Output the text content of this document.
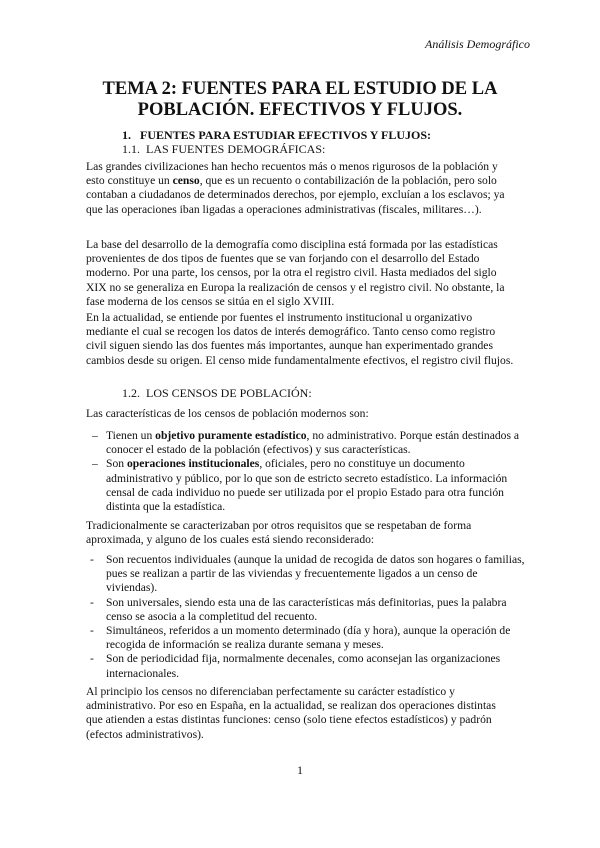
Análisis Demográfico
TEMA 2: FUENTES PARA EL ESTUDIO DE LA
POBLACIÓN. EFECTIVOS Y FLUJOS.
1. FUENTES PARA ESTUDIAR EFECTIVOS Y FLUJOS:
1.1. LAS FUENTES DEMOGRÁFICAS:

Las grandes civilizaciones han hecho recuentos más o menos rigurosos de la población y esto constituye un censo, que es un recuento o contabilización de la población, pero solo contaban a ciudadanos de determinados derechos, por ejemplo, excluían a los esclavos; ya que las operaciones iban ligadas a operaciones administrativas (fiscales, militares…).

La base del desarrollo de la demografía como disciplina está formada por las estadísticas provenientes de dos tipos de fuentes que se van forjando con el desarrollo del Estado moderno. Por una parte, los censos, por la otra el registro civil. Hasta mediados del siglo XIX no se generaliza en Europa la realización de censos y el registro civil. No obstante, la fase moderna de los censos se sitúa en el siglo XVIII.

En la actualidad, se entiende por fuentes el instrumento institucional u organizativo mediante el cual se recogen los datos de interés demográfico. Tanto censo como registro civil siguen siendo las dos fuentes más importantes, aunque han experimentado grandes cambios desde su origen. El censo mide fundamentalmente efectivos, el registro civil flujos.

1.2. LOS CENSOS DE POBLACIÓN:

Las características de los censos de población modernos son:

– Tienen un objetivo puramente estadístico, no administrativo. Porque están destinados a conocer el estado de la población (efectivos) y sus características.
– Son operaciones institucionales, oficiales, pero no constituye un documento administrativo y público, por lo que son de estricto secreto estadístico. La información censal de cada individuo no puede ser utilizada por el propio Estado para otra función distinta que la estadística.

Tradicionalmente se caracterizaban por otros requisitos que se respetaban de forma aproximada, y alguno de los cuales está siendo reconsiderado:

- Son recuentos individuales (aunque la unidad de recogida de datos son hogares o familias, pues se realizan a partir de las viviendas y frecuentemente ligados a un censo de viviendas).
- Son universales, siendo esta una de las características más definitorias, pues la palabra censo se asocia a la completitud del recuento.
- Simultáneos, referidos a un momento determinado (día y hora), aunque la operación de recogida de información se realiza durante semana y meses.
- Son de periodicidad fija, normalmente decenales, como aconsejan las organizaciones internacionales.

Al principio los censos no diferenciaban perfectamente su carácter estadístico y administrativo. Por eso en España, en la actualidad, se realizan dos operaciones distintas que atienden a estas distintas funciones: censo (solo tiene efectos estadísticos) y padrón (efectos administrativos).

1
